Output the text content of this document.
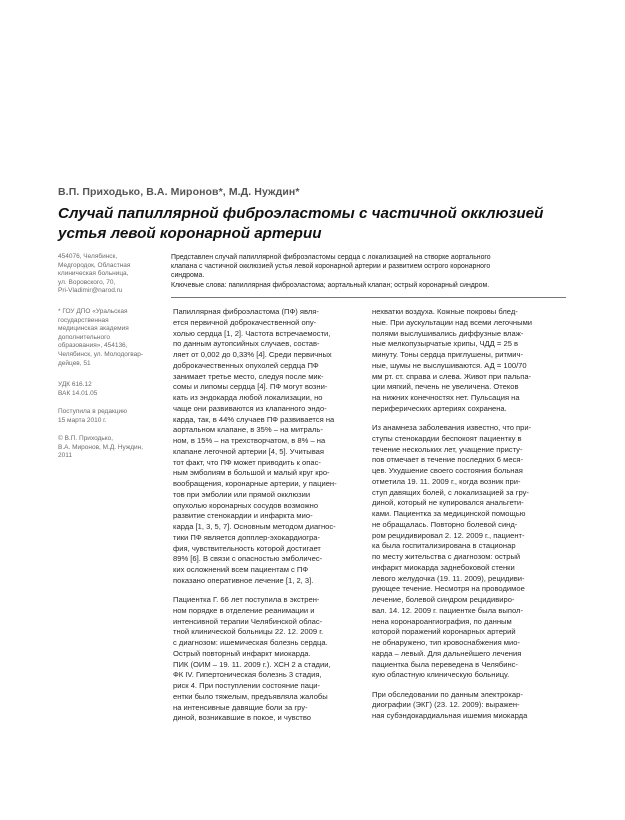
В.П. Приходько, В.А. Миронов*, М.Д. Нуждин*
Случай папиллярной фиброэластомы с частичной окклюзией
устья левой коронарной артерии

454076, Челябинск,

Медгородок, Областная

клиническая больница,

ул. Воровского, 70,

Pri-Vladimir@narod.ru

* ГОУ ДПО «Уральская

государственная

медицинская академия

дополнительного

образования», 454136,

Челябинск, ул. Молодогвар-

дейцев, 51

УДК 616.12

ВАК 14.01.05

Поступила в редакцию

15 марта 2010 г.

© В.П. Приходько,

В.А. Миронов, М.Д. Нуждин,

2011

Представлен случай папиллярной фиброэластомы сердца с локализацией на створке аортального

клапана с частичной окклюзией устья левой коронарной артерии и развитием острого коронарного

синдрома.

Ключевые слова: папиллярная фиброэластома; аортальный клапан; острый коронарный синдром.

Папиллярная фиброэластома (ПФ) явля-
ется первичной доброкачественной опу-
холью сердца [1, 2]. Частота встречаемости,
по данным аутопсийных случаев, состав-
ляет от 0,002 до 0,33% [4]. Среди первичных
доброкачественных опухолей сердца ПФ
занимает третье место, следуя после мик-
сомы и липомы сердца [4]. ПФ могут возни-
кать из эндокарда любой локализации, но
чаще они развиваются из клапанного эндо-
карда, так, в 44% случаев ПФ развивается на
аортальном клапане, в 35% – на митраль-
ном, в 15% – на трехстворчатом, в 8% – на
клапане легочной артерии [4, 5]. Учитывая
тот факт, что ПФ может приводить к опас-
ным эмболиям в большой и малый круг кро-
вообращения, коронарные артерии, у пациен-
тов при эмболии или прямой окклюзии
опухолью коронарных сосудов возможно
развитие стенокардии и инфаркта мио-
карда [1, 3, 5, 7]. Основным методом диагнос-
тики ПФ является допплер-эхокардиогра-
фия, чувствительность которой достигает
89% [6]. В связи с опасностью эмболичес-
ких осложнений всем пациентам с ПФ
показано оперативное лечение [1, 2, 3].

Пациентка Г. 66 лет поступила в экстрен-
ном порядке в отделение реанимации и
интенсивной терапии Челябинской облас-
тной клинической больницы 22. 12. 2009 г.
с диагнозом: ишемическая болезнь сердца.
Острый повторный инфаркт миокарда.
ПИК (ОИМ – 19. 11. 2009 г.). ХСН 2 а стадии,
ФК IV. Гипертоническая болезнь 3 стадия,
риск 4. При поступлении состояние паци-
ентки было тяжелым, предъявляла жалобы
на интенсивные давящие боли за гру-
диной, возникавшие в покое, и чувство

нехватки воздуха. Кожные покровы блед-
ные. При аускультации над всеми легочными
полями выслушивались диффузные влаж-
ные мелкопузырчатые хрипы, ЧДД = 25 в
минуту. Тоны сердца приглушены, ритмич-
ные, шумы не выслушиваются. АД = 100/70
мм рт. ст. справа и слева. Живот при пальпа-
ции мягкий, печень не увеличена. Отеков
на нижних конечностях нет. Пульсация на
периферических артериях сохранена.

Из анамнеза заболевания известно, что при-
ступы стенокардии беспокоят пациентку в
течение нескольких лет, учащение присту-
пов отмечает в течение последних 6 меся-
цев. Ухудшение своего состояния больная
отметила 19. 11. 2009 г., когда возник при-
ступ давящих болей, с локализацией за гру-
диной, который не купировался анальгети-
ками. Пациентка за медицинской помощью
не обращалась. Повторно болевой синд-
ром рецидивировал 2. 12. 2009 г., пациент-
ка была госпитализирована в стационар
по месту жительства с диагнозом: острый
инфаркт миокарда заднебоковой стенки
левого желудочка (19. 11. 2009), рецидиви-
рующее течение. Несмотря на проводимое
лечение, болевой синдром рецидивиро-
вал. 14. 12. 2009 г. пациентке была выпол-
нена коронароангиография, по данным
которой поражений коронарных артерий
не обнаружено, тип кровоснабжения мио-
карда – левый. Для дальнейшего лечения
пациентка была переведена в Челябинс-
кую областную клиническую больницу.

При обследовании по данным электрокар-
диографии (ЭКГ) (23. 12. 2009): выражен-
ная субэндокардиальная ишемия миокарда
